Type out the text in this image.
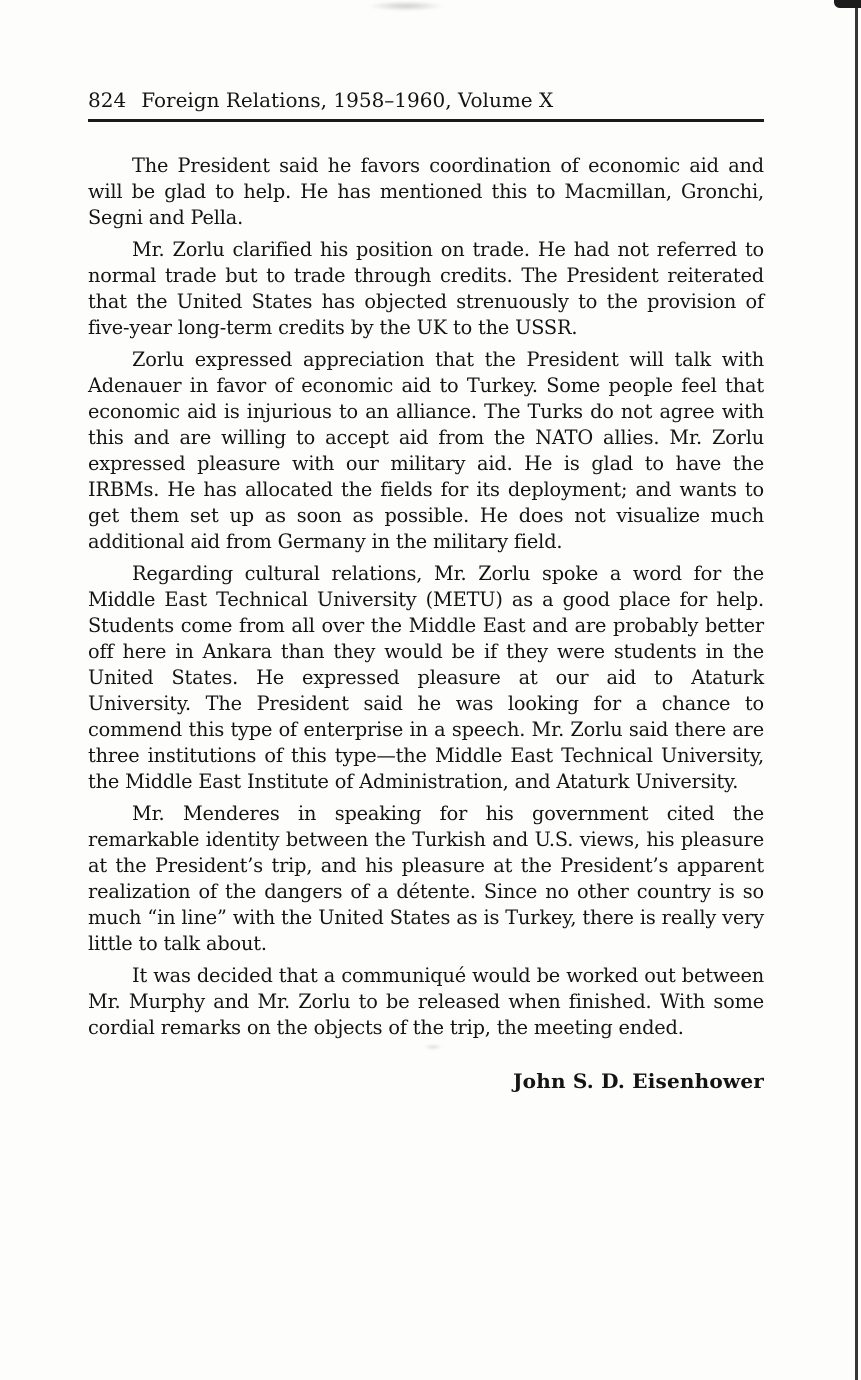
824 Foreign Relations, 1958–1960, Volume X

The President said he favors coordination of economic aid and will be glad to help. He has mentioned this to Macmillan, Gronchi, Segni and Pella.

Mr. Zorlu clarified his position on trade. He had not referred to normal trade but to trade through credits. The President reiterated that the United States has objected strenuously to the provision of five-year long-term credits by the UK to the USSR.

Zorlu expressed appreciation that the President will talk with Adenauer in favor of economic aid to Turkey. Some people feel that economic aid is injurious to an alliance. The Turks do not agree with this and are willing to accept aid from the NATO allies. Mr. Zorlu expressed pleasure with our military aid. He is glad to have the IRBMs. He has allocated the fields for its deployment; and wants to get them set up as soon as possible. He does not visualize much additional aid from Germany in the military field.

Regarding cultural relations, Mr. Zorlu spoke a word for the Middle East Technical University (METU) as a good place for help. Students come from all over the Middle East and are probably better off here in Ankara than they would be if they were students in the United States. He expressed pleasure at our aid to Ataturk University. The President said he was looking for a chance to commend this type of enterprise in a speech. Mr. Zorlu said there are three institutions of this type—the Middle East Technical University, the Middle East Institute of Administration, and Ataturk University.

Mr. Menderes in speaking for his government cited the remarkable identity between the Turkish and U.S. views, his pleasure at the President’s trip, and his pleasure at the President’s apparent realization of the dangers of a détente. Since no other country is so much “in line” with the United States as is Turkey, there is really very little to talk about.

It was decided that a communiqué would be worked out between Mr. Murphy and Mr. Zorlu to be released when finished. With some cordial remarks on the objects of the trip, the meeting ended.

John S. D. Eisenhower
